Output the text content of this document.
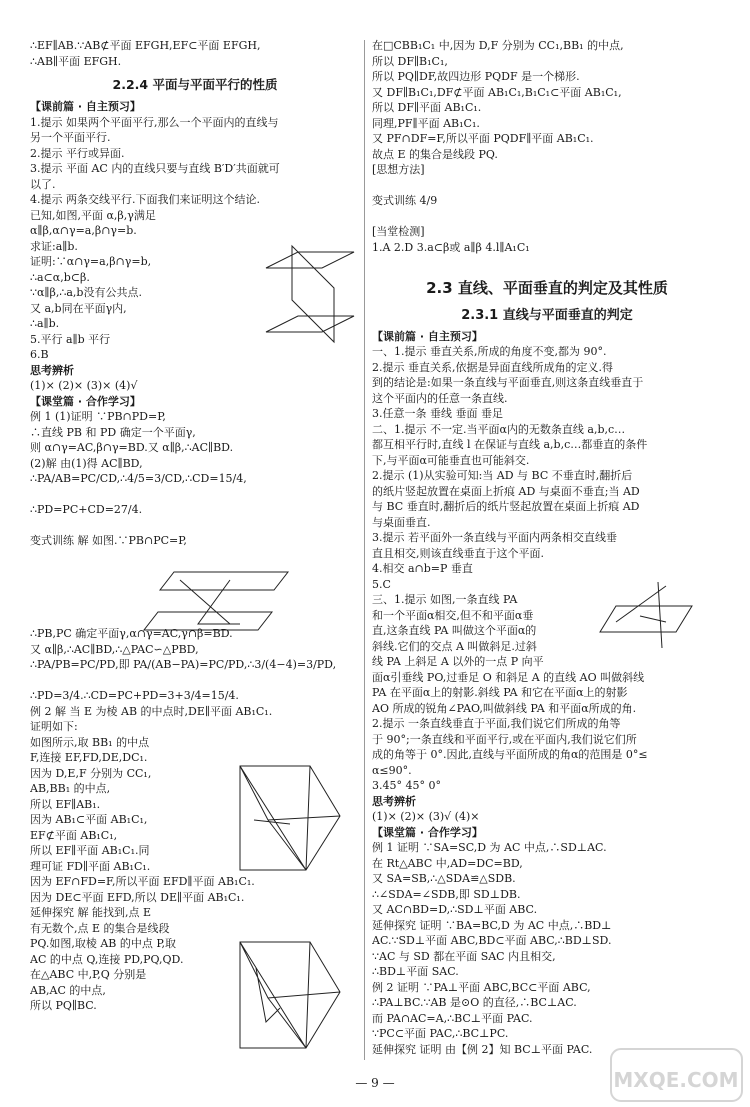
∴EF∥AB.∵AB⊄平面 EFGH,EF⊂平面 EFGH,
∴AB∥平面 EFGH.
2.2.4 平面与平面平行的性质
【课前篇 · 自主预习】
1.提示 如果两个平面平行,那么一个平面内的直线与
另一个平面平行.
2.提示 平行或异面.
3.提示 平面 AC 内的直线只要与直线 B′D′共面就可
以了.
4.提示 两条交线平行.下面我们来证明这个结论.
已知,如图,平面 α,β,γ满足
α∥β,α∩γ=a,β∩γ=b.
求证:a∥b.
证明:∵α∩γ=a,β∩γ=b,
∴a⊂α,b⊂β.
∵α∥β,∴a,b没有公共点.
又 a,b同在平面γ内,
∴a∥b.
5.平行 a∥b 平行
6.B
思考辨析
(1)× (2)× (3)× (4)√
【课堂篇 · 合作学习】
例 1 (1)证明 ∵PB∩PD=P,
∴直线 PB 和 PD 确定一个平面γ,
则 α∩γ=AC,β∩γ=BD.又 α∥β,∴AC∥BD.
(2)解 由(1)得 AC∥BD,
∴PA/AB=PC/CD,∴4/5=3/CD,∴CD=15/4,

∴PD=PC+CD=27/4.

变式训练 解 如图.∵PB∩PC=P,

∴PB,PC 确定平面γ,α∩γ=AC,γ∩β=BD.
又 α∥β,∴AC∥BD,∴△PAC∽△PBD,
∴PA/PB=PC/PD,即 PA/(AB−PA)=PC/PD,∴3/(4−4)=3/PD,

∴PD=3/4.∴CD=PC+PD=3+3/4=15/4.
例 2 解 当 E 为棱 AB 的中点时,DE∥平面 AB₁C₁.
证明如下:
如图所示,取 BB₁ 的中点
F,连接 EF,FD,DE,DC₁.
因为 D,E,F 分别为 CC₁,
AB,BB₁ 的中点,
所以 EF∥AB₁.
因为 AB₁⊂平面 AB₁C₁,
EF⊄平面 AB₁C₁,
所以 EF∥平面 AB₁C₁.同
理可证 FD∥平面 AB₁C₁.
因为 EF∩FD=F,所以平面 EFD∥平面 AB₁C₁.
因为 DE⊂平面 EFD,所以 DE∥平面 AB₁C₁.
延伸探究 解 能找到,点 E
有无数个,点 E 的集合是线段
PQ.如图,取棱 AB 的中点 P,取
AC 的中点 Q,连接 PD,PQ,QD.
在△ABC 中,P,Q 分别是
AB,AC 的中点,
所以 PQ∥BC.
在□CBB₁C₁ 中,因为 D,F 分别为 CC₁,BB₁ 的中点,
所以 DF∥B₁C₁,
所以 PQ∥DF,故四边形 PQDF 是一个梯形.
又 DF∥B₁C₁,DF⊄平面 AB₁C₁,B₁C₁⊂平面 AB₁C₁,
所以 DF∥平面 AB₁C₁.
同理,PF∥平面 AB₁C₁.
又 PF∩DF=F,所以平面 PQDF∥平面 AB₁C₁.
故点 E 的集合是线段 PQ.
[思想方法]

变式训练 4/9

[当堂检测]
1.A 2.D 3.a⊂β或 a∥β 4.l∥A₁C₁

2.3 直线、平面垂直的判定及其性质
2.3.1 直线与平面垂直的判定
【课前篇 · 自主预习】
一、1.提示 垂直关系,所成的角度不变,都为 90°.
2.提示 垂直关系,依据是异面直线所成角的定义.得
到的结论是:如果一条直线与平面垂直,则这条直线垂直于
这个平面内的任意一条直线.
3.任意一条 垂线 垂面 垂足
二、1.提示 不一定.当平面α内的无数条直线 a,b,c…
都互相平行时,直线 l 在保证与直线 a,b,c…都垂直的条件
下,与平面α可能垂直也可能斜交.
2.提示 (1)从实验可知:当 AD 与 BC 不垂直时,翻折后
的纸片竖起放置在桌面上折痕 AD 与桌面不垂直;当 AD
与 BC 垂直时,翻折后的纸片竖起放置在桌面上折痕 AD
与桌面垂直.
3.提示 若平面外一条直线与平面内两条相交直线垂
直且相交,则该直线垂直于这个平面.
4.相交 a∩b=P 垂直
5.C
三、1.提示 如图,一条直线 PA
和一个平面α相交,但不和平面α垂
直,这条直线 PA 叫做这个平面α的
斜线.它们的交点 A 叫做斜足.过斜
线 PA 上斜足 A 以外的一点 P 向平
面α引垂线 PO,过垂足 O 和斜足 A 的直线 AO 叫做斜线
PA 在平面α上的射影.斜线 PA 和它在平面α上的射影
AO 所成的锐角∠PAO,叫做斜线 PA 和平面α所成的角.
2.提示 一条直线垂直于平面,我们说它们所成的角等
于 90°;一条直线和平面平行,或在平面内,我们说它们所
成的角等于 0°.因此,直线与平面所成的角α的范围是 0°≤
α≤90°.
3.45° 45° 0°
思考辨析
(1)× (2)× (3)√ (4)×
【课堂篇 · 合作学习】
例 1 证明 ∵SA=SC,D 为 AC 中点,∴SD⊥AC.
在 Rt△ABC 中,AD=DC=BD,
又 SA=SB,∴△SDA≌△SDB.
∴∠SDA=∠SDB,即 SD⊥DB.
又 AC∩BD=D,∴SD⊥平面 ABC.
延伸探究 证明 ∵BA=BC,D 为 AC 中点,∴BD⊥
AC.∵SD⊥平面 ABC,BD⊂平面 ABC,∴BD⊥SD.
∵AC 与 SD 都在平面 SAC 内且相交,
∴BD⊥平面 SAC.
例 2 证明 ∵PA⊥平面 ABC,BC⊂平面 ABC,
∴PA⊥BC.∵AB 是⊙O 的直径,∴BC⊥AC.
而 PA∩AC=A,∴BC⊥平面 PAC.
∵PC⊂平面 PAC,∴BC⊥PC.
延伸探究 证明 由【例 2】知 BC⊥平面 PAC.
— 9 —	MXQE.COM
